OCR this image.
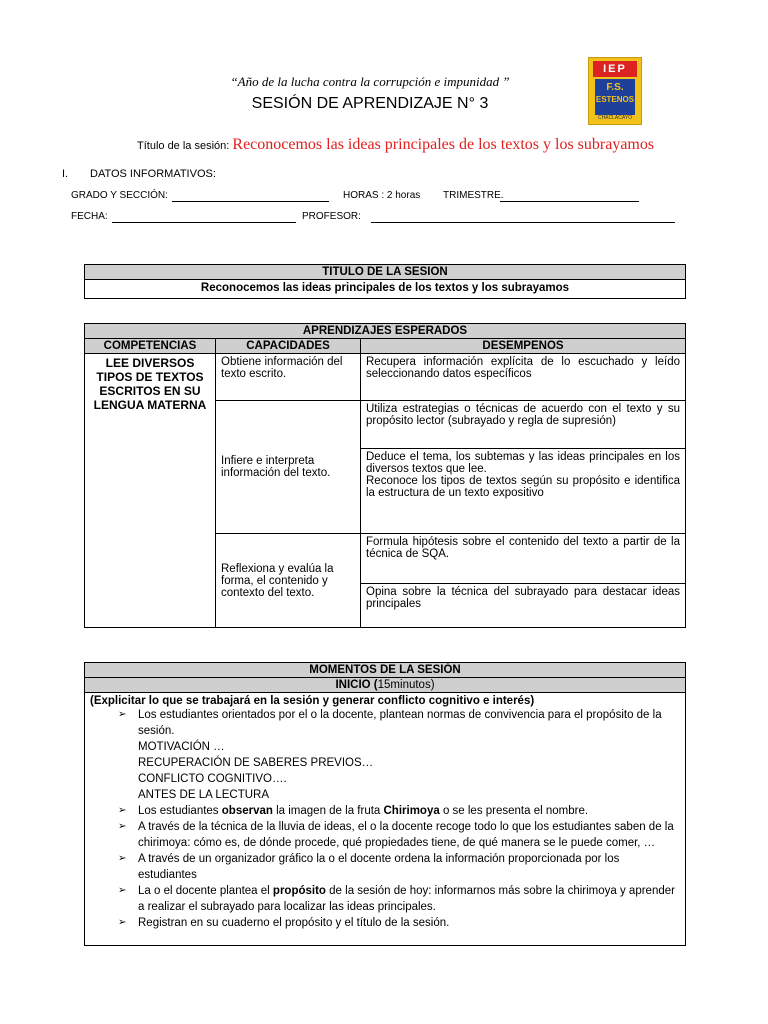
“Año de la lucha contra la corrupción e impunidad ”
SESIÓN DE APRENDIZAJE N° 3
IEP
F.S.
ESTENOS
CHACLACAYO
Título de la sesión: Reconocemos las ideas principales de los textos y los subrayamos
I. DATOS INFORMATIVOS:
GRADO Y SECCIÓN:	HORAS : 2 horas TRIMESTRE.
FECHA:	PROFESOR:
TITULO DE LA SESION
Reconocemos las ideas principales de los textos y los subrayamos
APRENDIZAJES ESPERADOS		
COMPETENCIAS	CAPACIDADES	DESEMPENOS
LEE DIVERSOS TIPOS DE TEXTOS ESCRITOS EN SU LENGUA MATERNA	Obtiene información del texto escrito.	Recupera información explícita de lo escuchado y leído seleccionando datos específicos
	Infiere e interpreta información del texto.	Utiliza estrategias o técnicas de acuerdo con el texto y su propósito lector (subrayado y regla de supresión)

		Deduce el tema, los subtemas y las ideas principales en los diversos textos que lee.
Reconoce los tipos de textos según su propósito e identifica la estructura de un texto expositivo

	Reflexiona y evalúa la forma, el contenido y contexto del texto.	Formula hipótesis sobre el contenido del texto a partir de la técnica de SQA.
		Opina sobre la técnica del subrayado para destacar ideas principales
MOMENTOS DE LA SESIÓN
INICIO (15minutos)

(Explicitar lo que se trabajará en la sesión y generar conflicto cognitivo e interés)
➢ Los estudiantes orientados por el o la docente, plantean normas de convivencia para el propósito de la sesión.
MOTIVACIÓN …
RECUPERACIÓN DE SABERES PREVIOS…
CONFLICTO COGNITIVO….
ANTES DE LA LECTURA
➢ Los estudiantes observan la imagen de la fruta Chirimoya o se les presenta el nombre.
➢ A través de la técnica de la lluvia de ideas, el o la docente recoge todo lo que los estudiantes saben de la chirimoya: cómo es, de dónde procede, qué propiedades tiene, de qué manera se le puede comer, …
➢ A través de un organizador gráfico la o el docente ordena la información proporcionada por los estudiantes
➢ La o el docente plantea el propósito de la sesión de hoy: informarnos más sobre la chirimoya y aprender a realizar el subrayado para localizar las ideas principales.
➢ Registran en su cuaderno el propósito y el título de la sesión.
